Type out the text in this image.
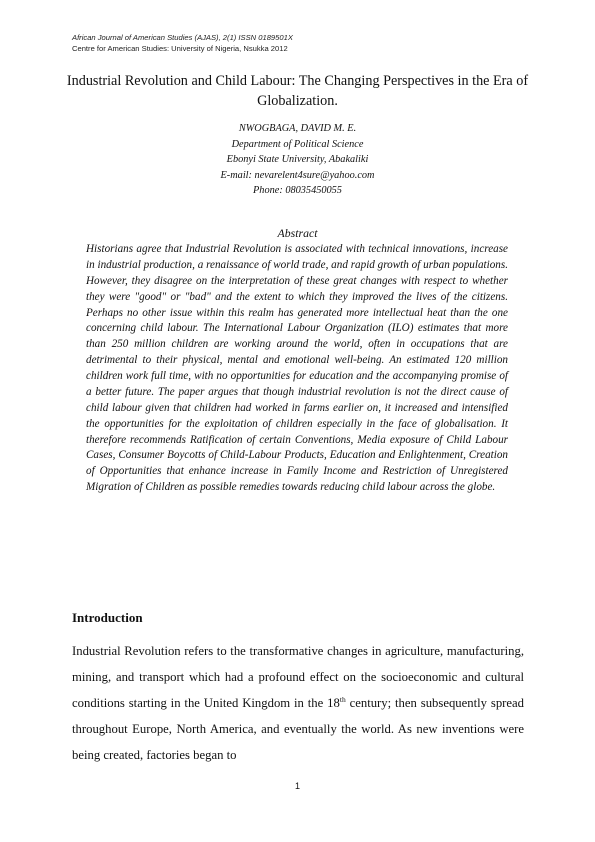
African Journal of American Studies (AJAS), 2(1) ISSN 0189501X
Centre for American Studies: University of Nigeria, Nsukka 2012
Industrial Revolution and Child Labour: The Changing Perspectives in the Era of Globalization.
NWOGBAGA, DAVID M. E.
Department of Political Science
Ebonyi State University, Abakaliki
E-mail: nevarelent4sure@yahoo.com
Phone: 08035450055
Abstract
Historians agree that Industrial Revolution is associated with technical innovations, increase in industrial production, a renaissance of world trade, and rapid growth of urban populations. However, they disagree on the interpretation of these great changes with respect to whether they were "good" or "bad" and the extent to which they improved the lives of the citizens. Perhaps no other issue within this realm has generated more intellectual heat than the one concerning child labour. The International Labour Organization (ILO) estimates that more than 250 million children are working around the world, often in occupations that are detrimental to their physical, mental and emotional well-being. An estimated 120 million children work full time, with no opportunities for education and the accompanying promise of a better future. The paper argues that though industrial revolution is not the direct cause of child labour given that children had worked in farms earlier on, it increased and intensified the opportunities for the exploitation of children especially in the face of globalisation. It therefore recommends Ratification of certain Conventions, Media exposure of Child Labour Cases, Consumer Boycotts of Child-Labour Products, Education and Enlightenment, Creation of Opportunities that enhance increase in Family Income and Restriction of Unregistered Migration of Children as possible remedies towards reducing child labour across the globe.
Introduction
Industrial Revolution refers to the transformative changes in agriculture, manufacturing, mining, and transport which had a profound effect on the socioeconomic and cultural conditions starting in the United Kingdom in the 18th century; then subsequently spread throughout Europe, North America, and eventually the world. As new inventions were being created, factories began to
1
